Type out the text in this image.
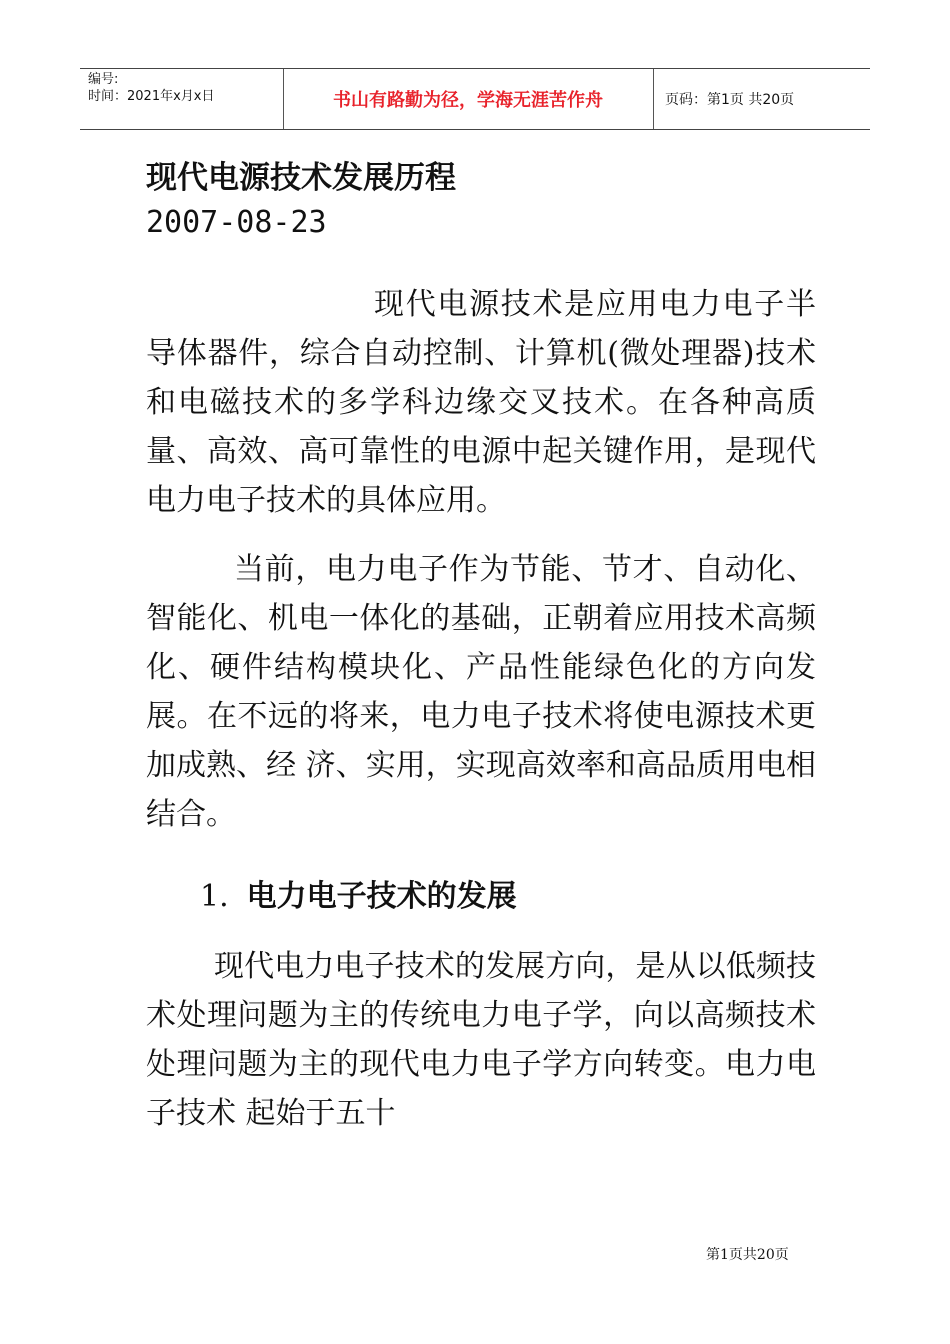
编号:
时间：2021年x月x日	书山有路勤为径，学海无涯苦作舟	页码：第1页 共20页
现代电源技术发展历程

2007-08-23

现代电源技术是应用电力电子半导体器件，综合自动控制、计算机(微处理器)技术和电磁技术的多学科边缘交叉技术。在各种高质量、高效、高可靠性的电源中起关键作用，是现代电力电子技术的具体应用。

当前，电力电子作为节能、节才、自动化、智能化、机电一体化的基础，正朝着应用技术高频化、硬件结构模块化、产品性能绿色化的方向发展。在不远的将来，电力电子技术将使电源技术更加成熟、经 济、实用，实现高效率和高品质用电相结合。

1. 电力电子技术的发展

现代电力电子技术的发展方向，是从以低频技术处理问题为主的传统电力电子学，向以高频技术处理问题为主的现代电力电子学方向转变。电力电子技术 起始于五十

第1页共20页
